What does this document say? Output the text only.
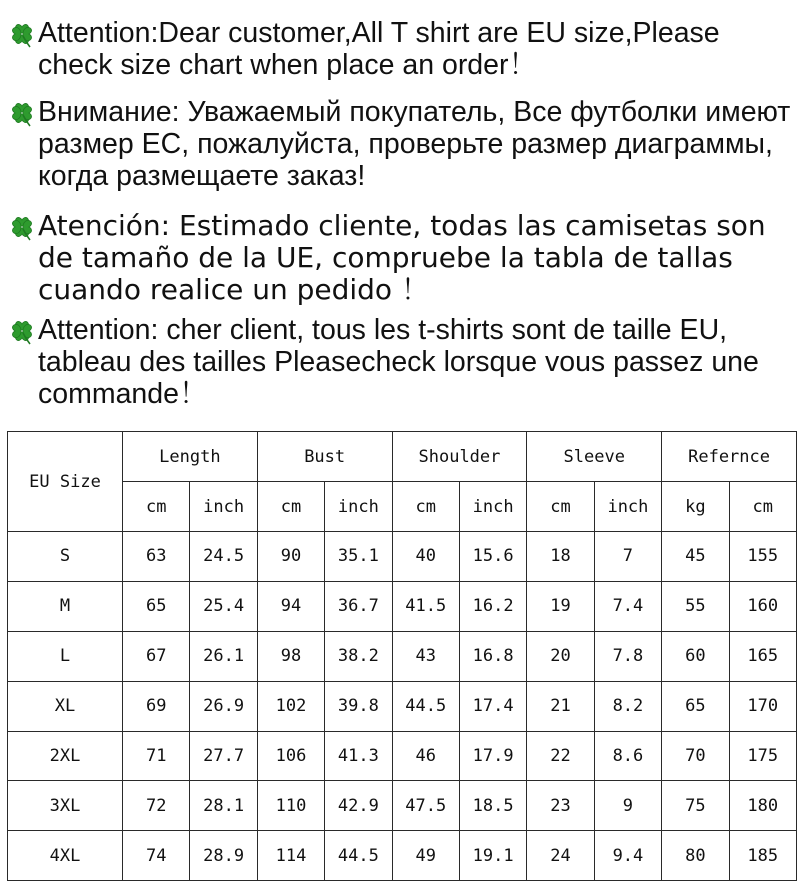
Attention:Dear customer,All T shirt are EU size,Please check size chart when place an order！
Внимание: Уважаемый покупатель, Все футболки имеют размер ЕС, пожалуйста, проверьте размер диаграммы, когда размещаете заказ!
Atención: Estimado cliente, todas las camisetas son de tamaño de la UE, compruebe la tabla de tallas cuando realice un pedido ！
Attention: cher client, tous les t-shirts sont de taille EU, tableau des tailles Pleasecheck lorsque vous passez une commande！
EU Size	Length		Bust		Shoulder		Sleeve		Refernce	
	cm	inch	cm	inch	cm	inch	cm	inch	kg	cm
S	63	24.5	90	35.1	40	15.6	18	7	45	155
M	65	25.4	94	36.7	41.5	16.2	19	7.4	55	160
L	67	26.1	98	38.2	43	16.8	20	7.8	60	165
XL	69	26.9	102	39.8	44.5	17.4	21	8.2	65	170
2XL	71	27.7	106	41.3	46	17.9	22	8.6	70	175
3XL	72	28.1	110	42.9	47.5	18.5	23	9	75	180
4XL	74	28.9	114	44.5	49	19.1	24	9.4	80	185
